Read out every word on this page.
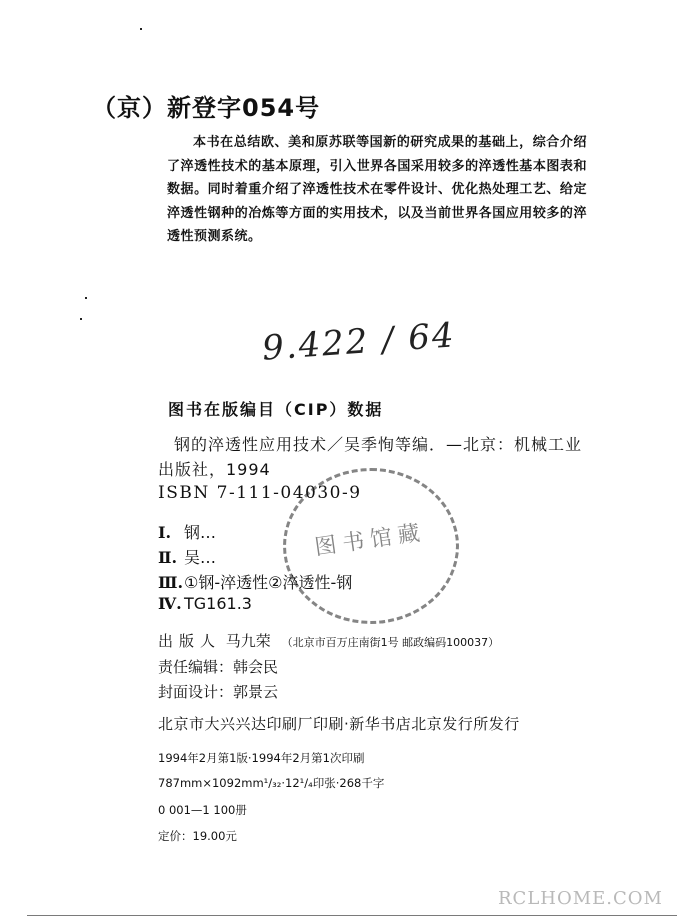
（京）新登字054号

本书在总结欧、美和原苏联等国新的研究成果的基础上，综合介绍了淬透性技术的基本原理，引入世界各国采用较多的淬透性基本图表和数据。同时着重介绍了淬透性技术在零件设计、优化热处理工艺、给定淬透性钢种的冶炼等方面的实用技术，以及当前世界各国应用较多的淬透性预测系统。

9.422 / 64
图书在版编目（CIP）数据
钢的淬透性应用技术／吴季恂等编．—北京：机械工业出版社，1994
ISBN 7-111-04030-9
Ⅰ. 钢…
Ⅱ. 吴…
Ⅲ.①钢-淬透性②淬透性-钢
Ⅳ. TG161.3
图书馆藏
出版人 马九荣 （北京市百万庄南街1号 邮政编码100037）
责任编辑：韩会民
封面设计：郭景云
北京市大兴兴达印刷厂印刷·新华书店北京发行所发行
1994年2月第1版·1994年2月第1次印刷
787mm×1092mm¹/₃₂·12¹/₄印张·268千字
0 001—1 100册
定价：19.00元
RCLHOME.COM
